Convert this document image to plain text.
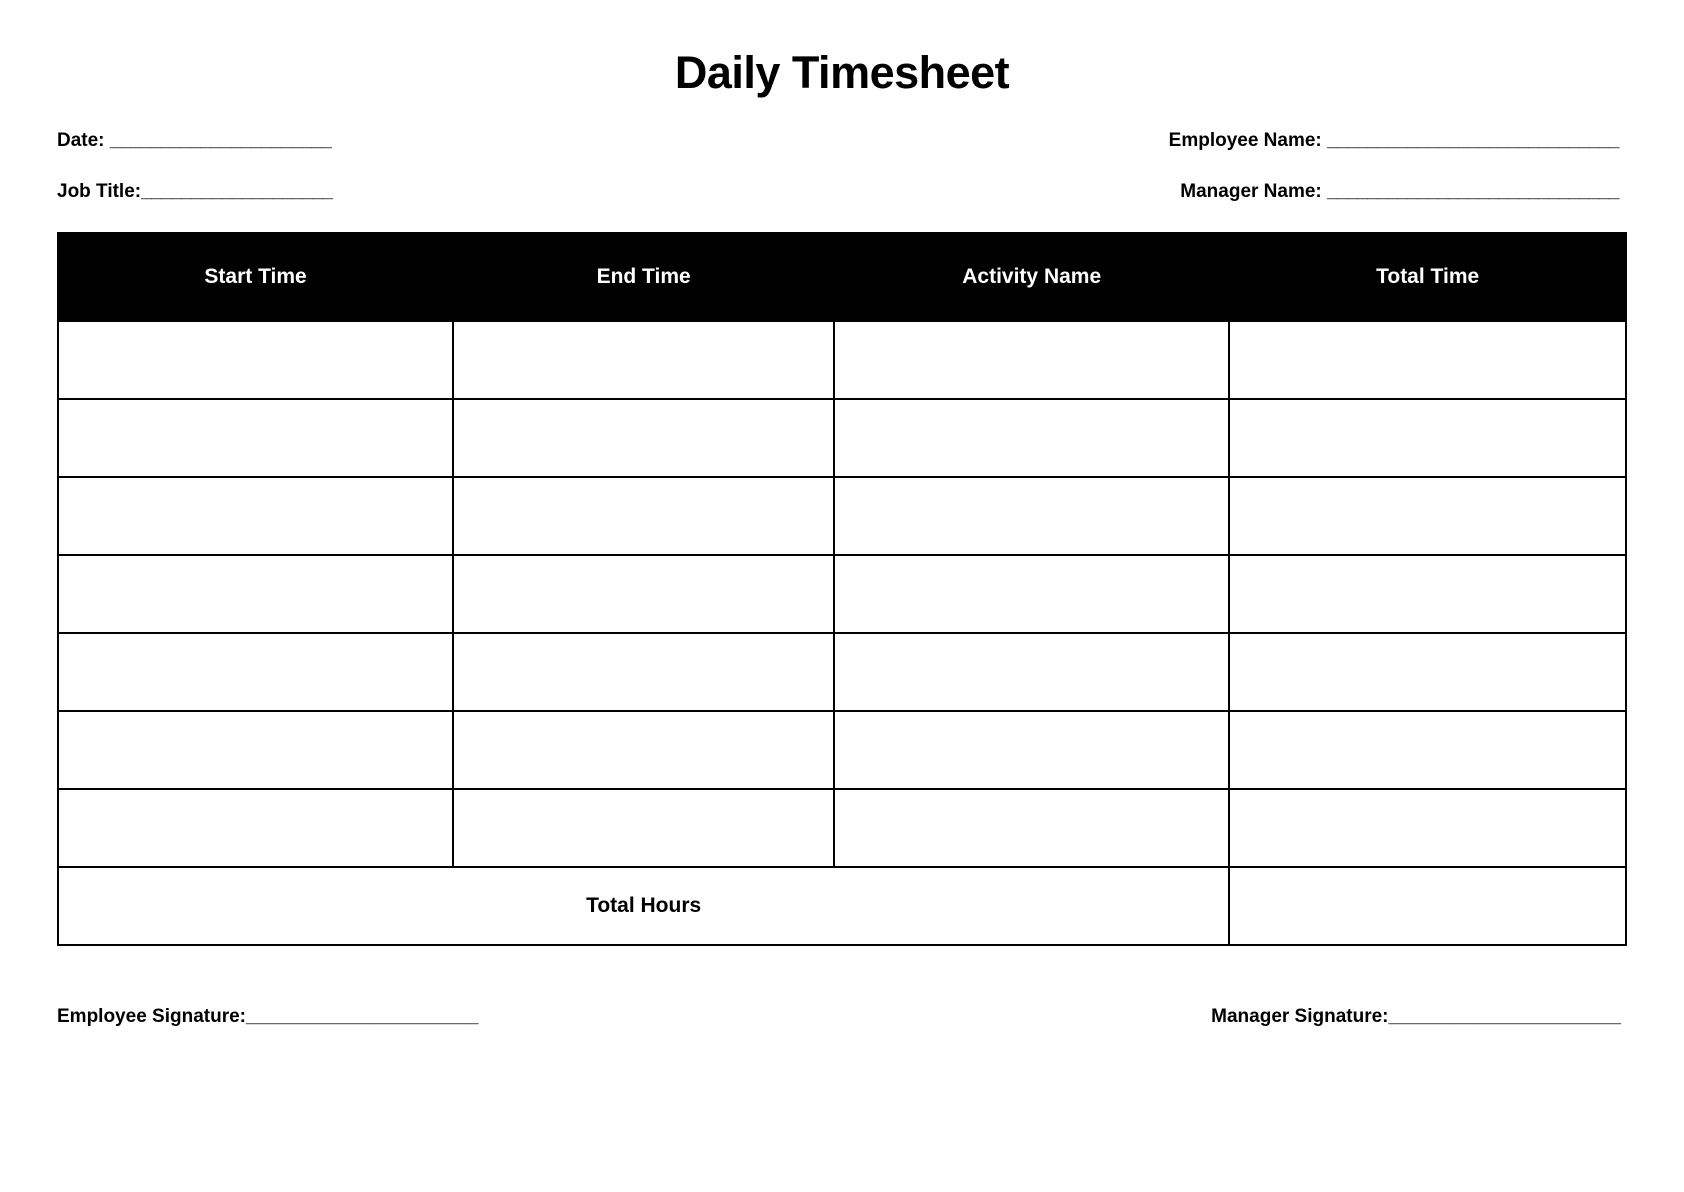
Daily Timesheet
Date: ______________________	Employee Name: _____________________________
Job Title:___________________	Manager Name: _____________________________
Start Time	End Time	Activity Name	Total Time

Total Hours			
Employee Signature:______________________	Manager Signature:______________________
